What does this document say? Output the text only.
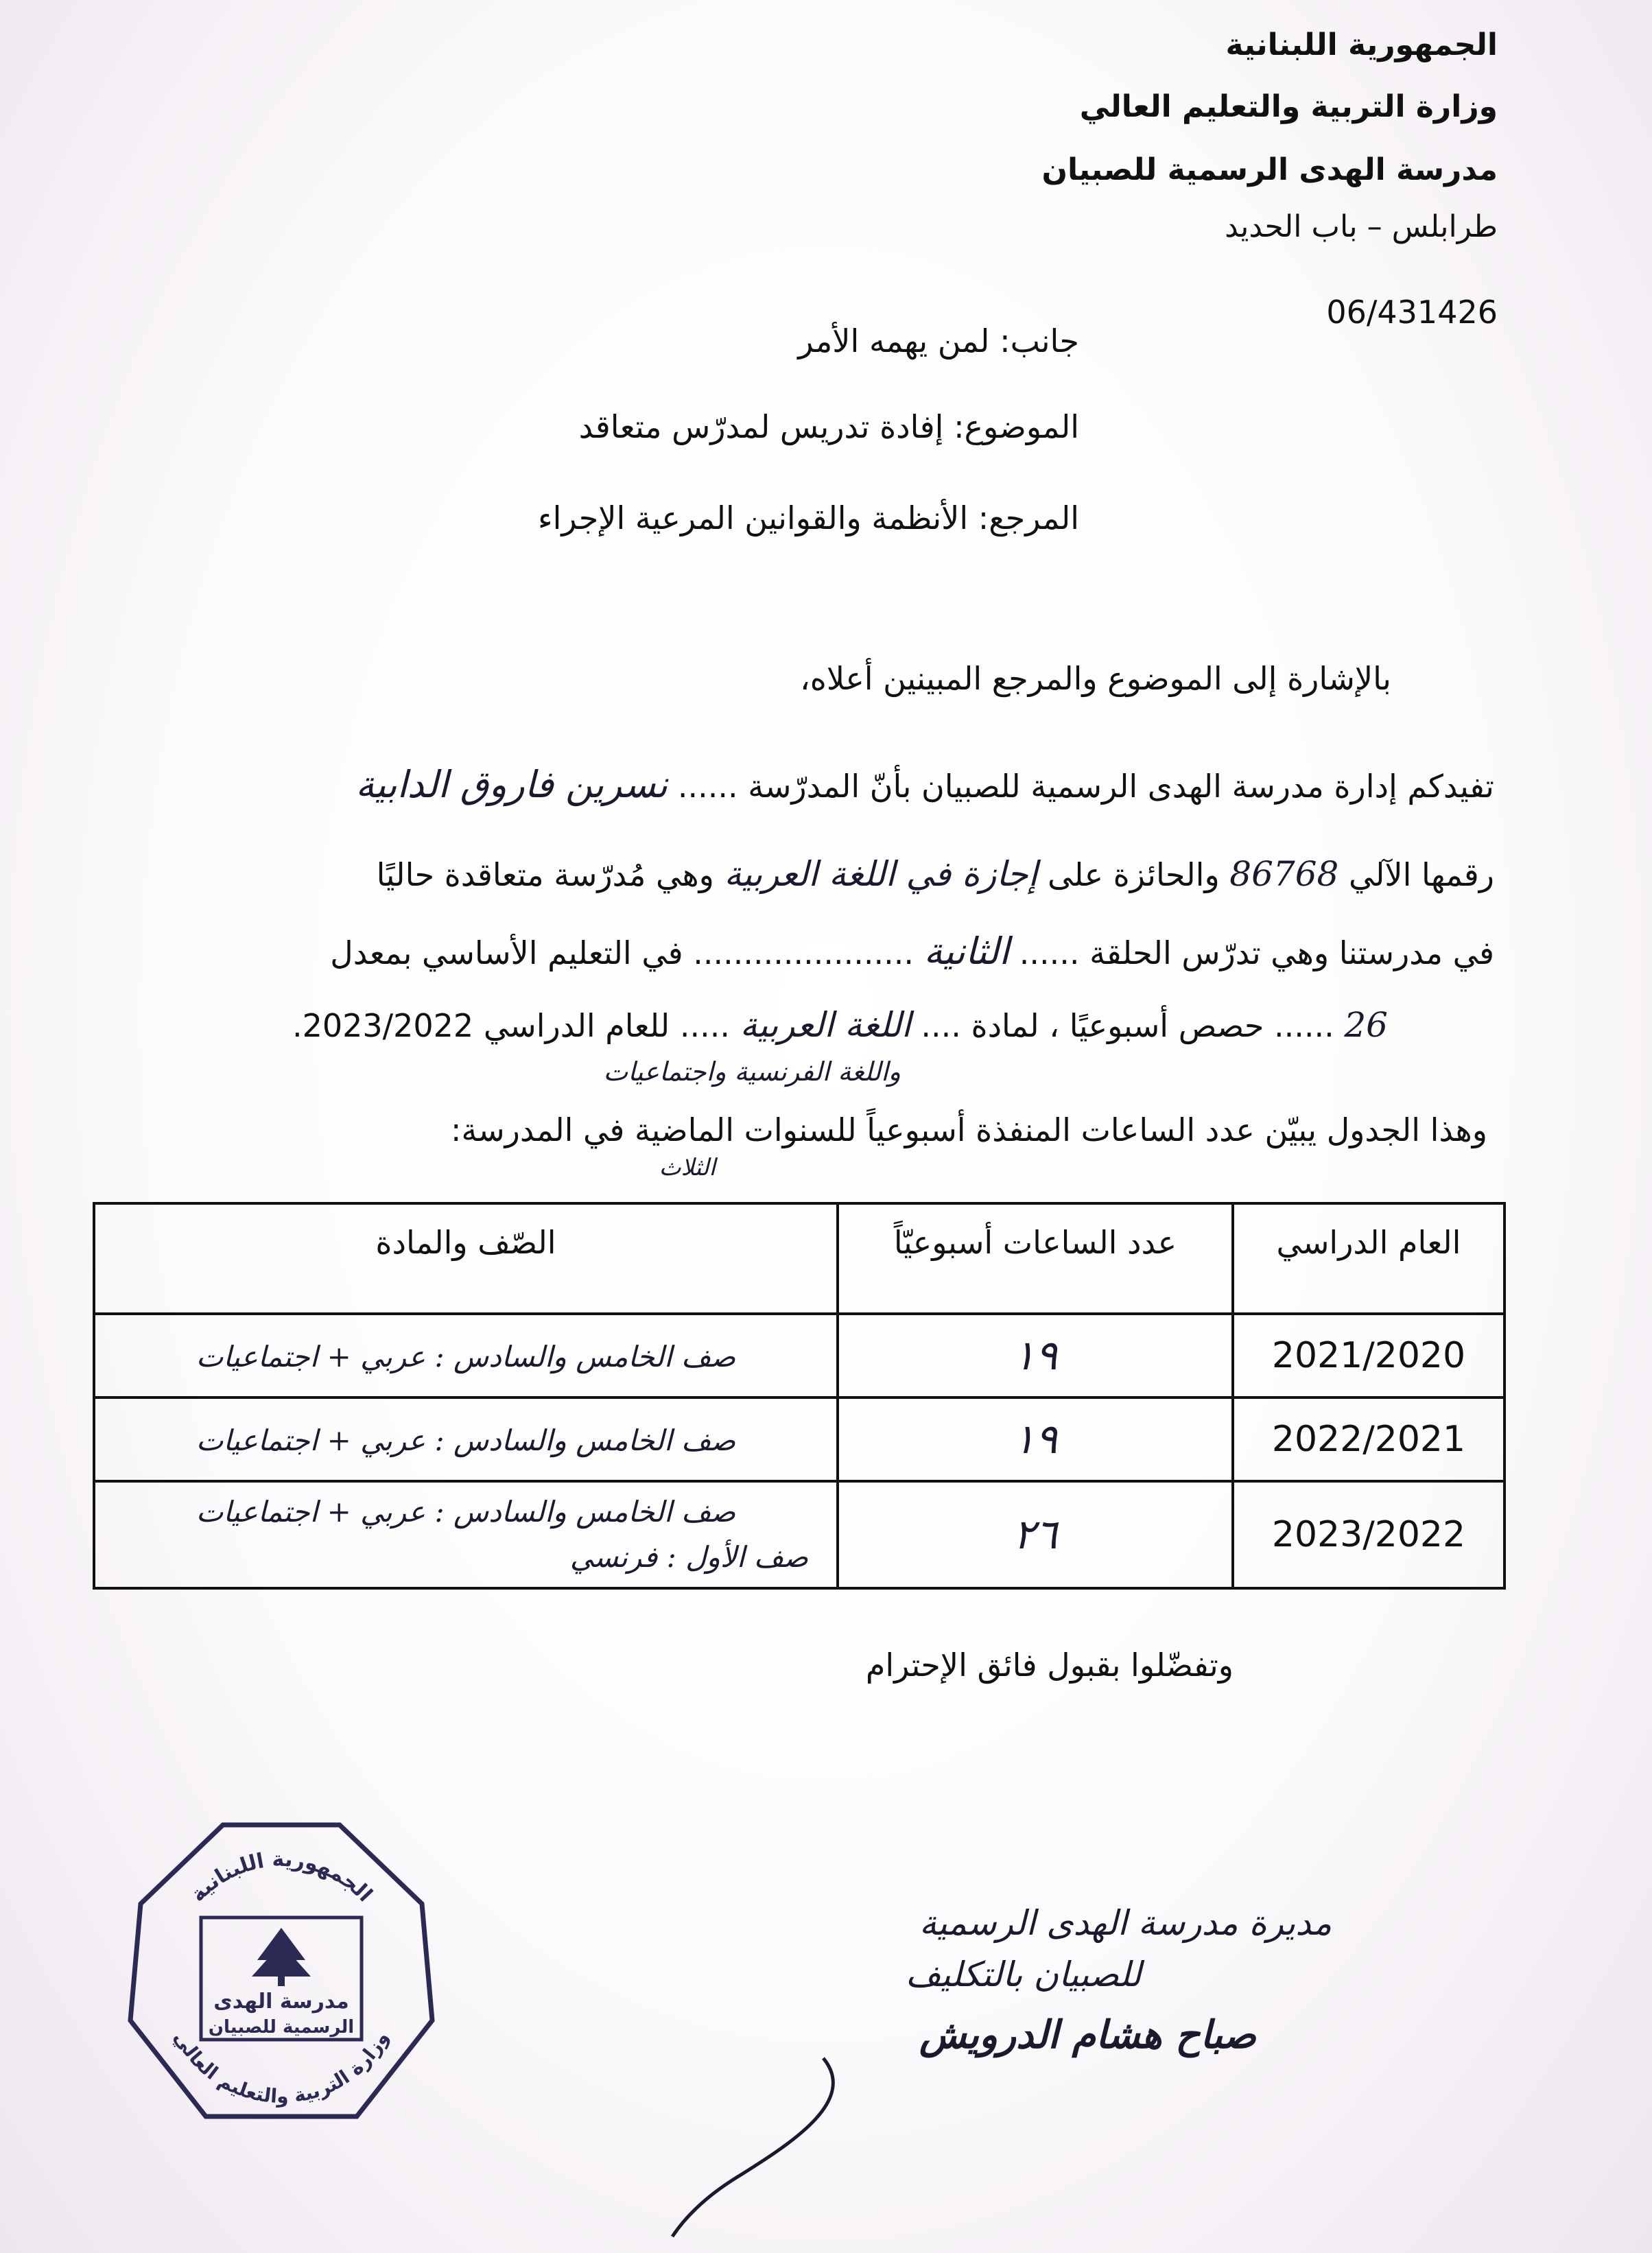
الجمهورية اللبنانية
وزارة التربية والتعليم العالي
مدرسة الهدى الرسمية للصبيان
طرابلس – باب الحديد
06/431426
جانب: لمن يهمه الأمر
الموضوع: إفادة تدريس لمدرّس متعاقد
المرجع: الأنظمة والقوانين المرعية الإجراء
بالإشارة إلى الموضوع والمرجع المبينين أعلاه،
تفيدكم إدارة مدرسة الهدى الرسمية للصبيان بأنّ المدرّسة ...... نسرين فاروق الدابية
رقمها الآلي 86768 والحائزة على إجازة في اللغة العربية وهي مُدرّسة متعاقدة حاليًا
في مدرستنا وهي تدرّس الحلقة ...... الثانية ...................... في التعليم الأساسي بمعدل
26 ...... حصص أسبوعيًا ، لمادة .... اللغة العربية ..... للعام الدراسي 2023/2022.
واللغة الفرنسية واجتماعيات
وهذا الجدول يبيّن عدد الساعات المنفذة أسبوعياً للسنوات الماضية في المدرسة:
الثلاث
العام الدراسي	عدد الساعات أسبوعيّاً	الصّف والمادة
2021/2020	١٩	صف الخامس والسادس : عربي + اجتماعيات
2022/2021	١٩	صف الخامس والسادس : عربي + اجتماعيات
2023/2022	٢٦	صف الخامس والسادس : عربي + اجتماعيات
صف الأول : فرنسي
وتفضّلوا بقبول فائق الإحترام
الجمهورية اللبنانية
وزارة التربية والتعليم العالي
مدرسة الهدى
الرسمية للصبيان
مديرة مدرسة الهدى الرسمية
للصبيان بالتكليف
صباح هشام الدرويش
